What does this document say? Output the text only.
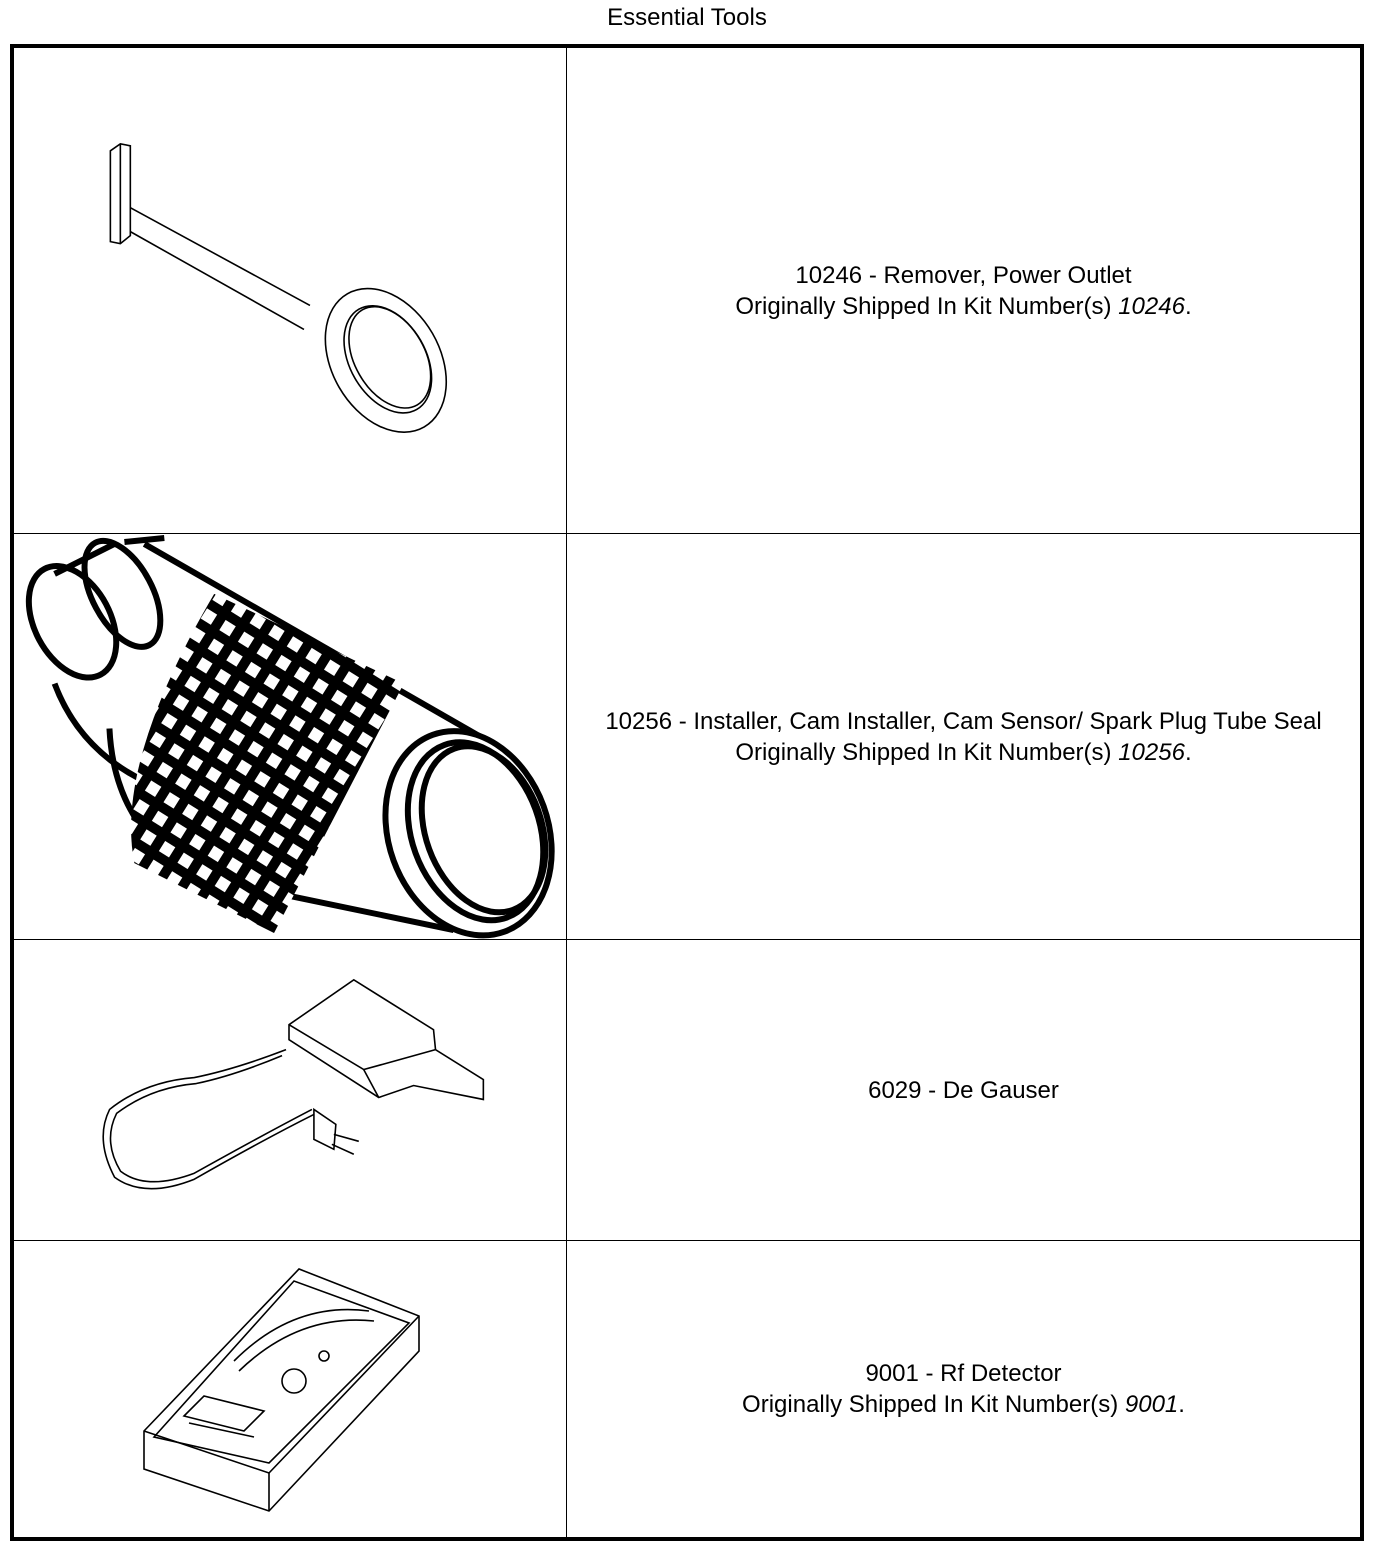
Essential Tools
10246 - Remover, Power Outlet
Originally Shipped In Kit Number(s) 10246.
10256 - Installer, Cam Installer, Cam Sensor/ Spark Plug Tube Seal
Originally Shipped In Kit Number(s) 10256.
6029 - De Gauser
9001 - Rf Detector
Originally Shipped In Kit Number(s) 9001.
